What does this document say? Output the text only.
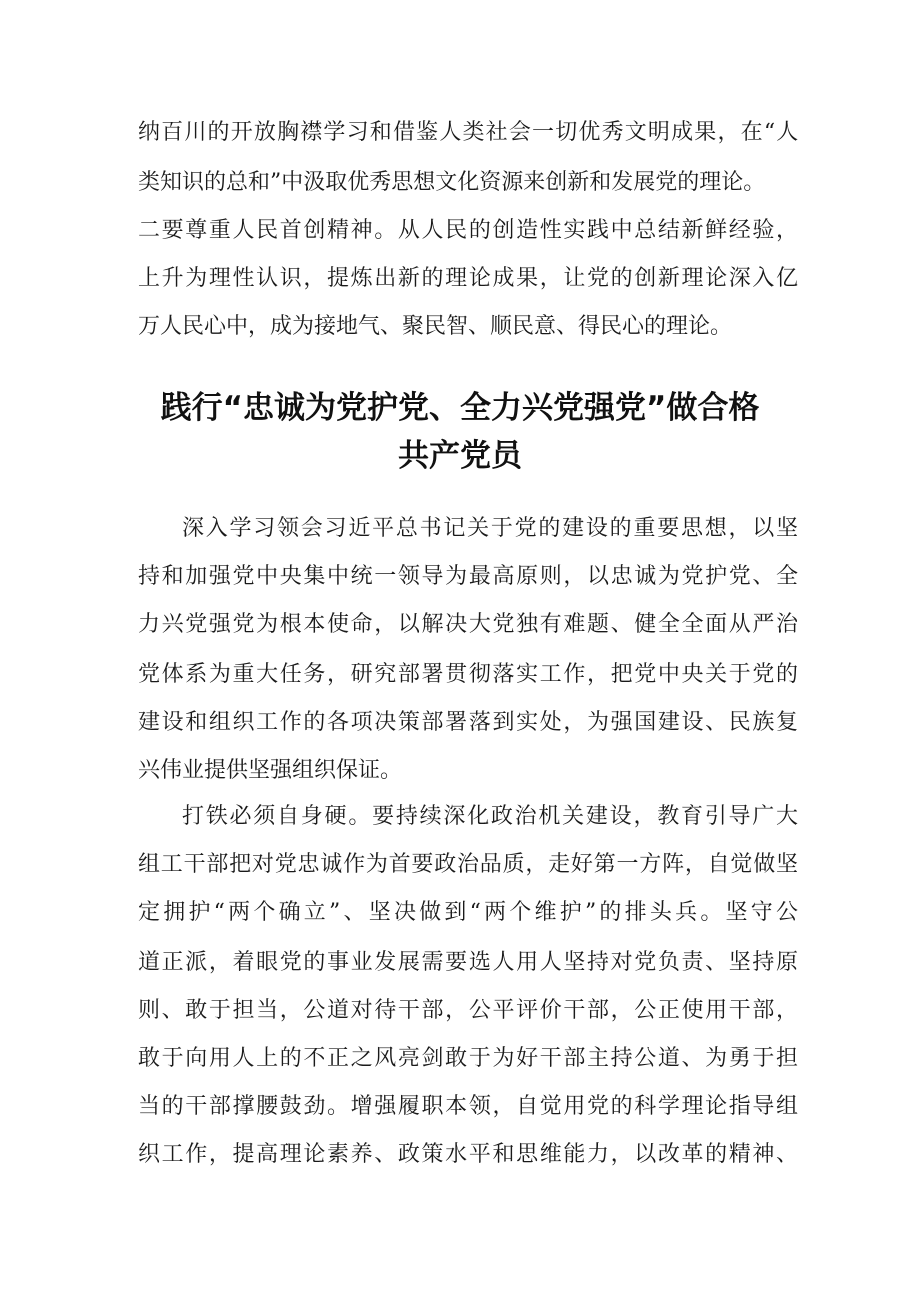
纳百川的开放胸襟学习和借鉴人类社会一切优秀文明成果，在“人
类知识的总和”中汲取优秀思想文化资源来创新和发展党的理论。
二要尊重人民首创精神。从人民的创造性实践中总结新鲜经验，
上升为理性认识，提炼出新的理论成果，让党的创新理论深入亿
万人民心中，成为接地气、聚民智、顺民意、得民心的理论。
践行“忠诚为党护党、全力兴党强党”做合格
共产党员
深入学习领会习近平总书记关于党的建设的重要思想，以坚
持和加强党中央集中统一领导为最高原则，以忠诚为党护党、全
力兴党强党为根本使命，以解决大党独有难题、健全全面从严治
党体系为重大任务，研究部署贯彻落实工作，把党中央关于党的
建设和组织工作的各项决策部署落到实处，为强国建设、民族复
兴伟业提供坚强组织保证。
打铁必须自身硬。要持续深化政治机关建设，教育引导广大
组工干部把对党忠诚作为首要政治品质，走好第一方阵，自觉做坚
定拥护“两个确立”、坚决做到“两个维护”的排头兵。坚守公
道正派，着眼党的事业发展需要选人用人坚持对党负责、坚持原
则、敢于担当，公道对待干部，公平评价干部，公正使用干部，
敢于向用人上的不正之风亮剑敢于为好干部主持公道、为勇于担
当的干部撑腰鼓劲。增强履职本领，自觉用党的科学理论指导组
织工作，提高理论素养、政策水平和思维能力，以改革的精神、
